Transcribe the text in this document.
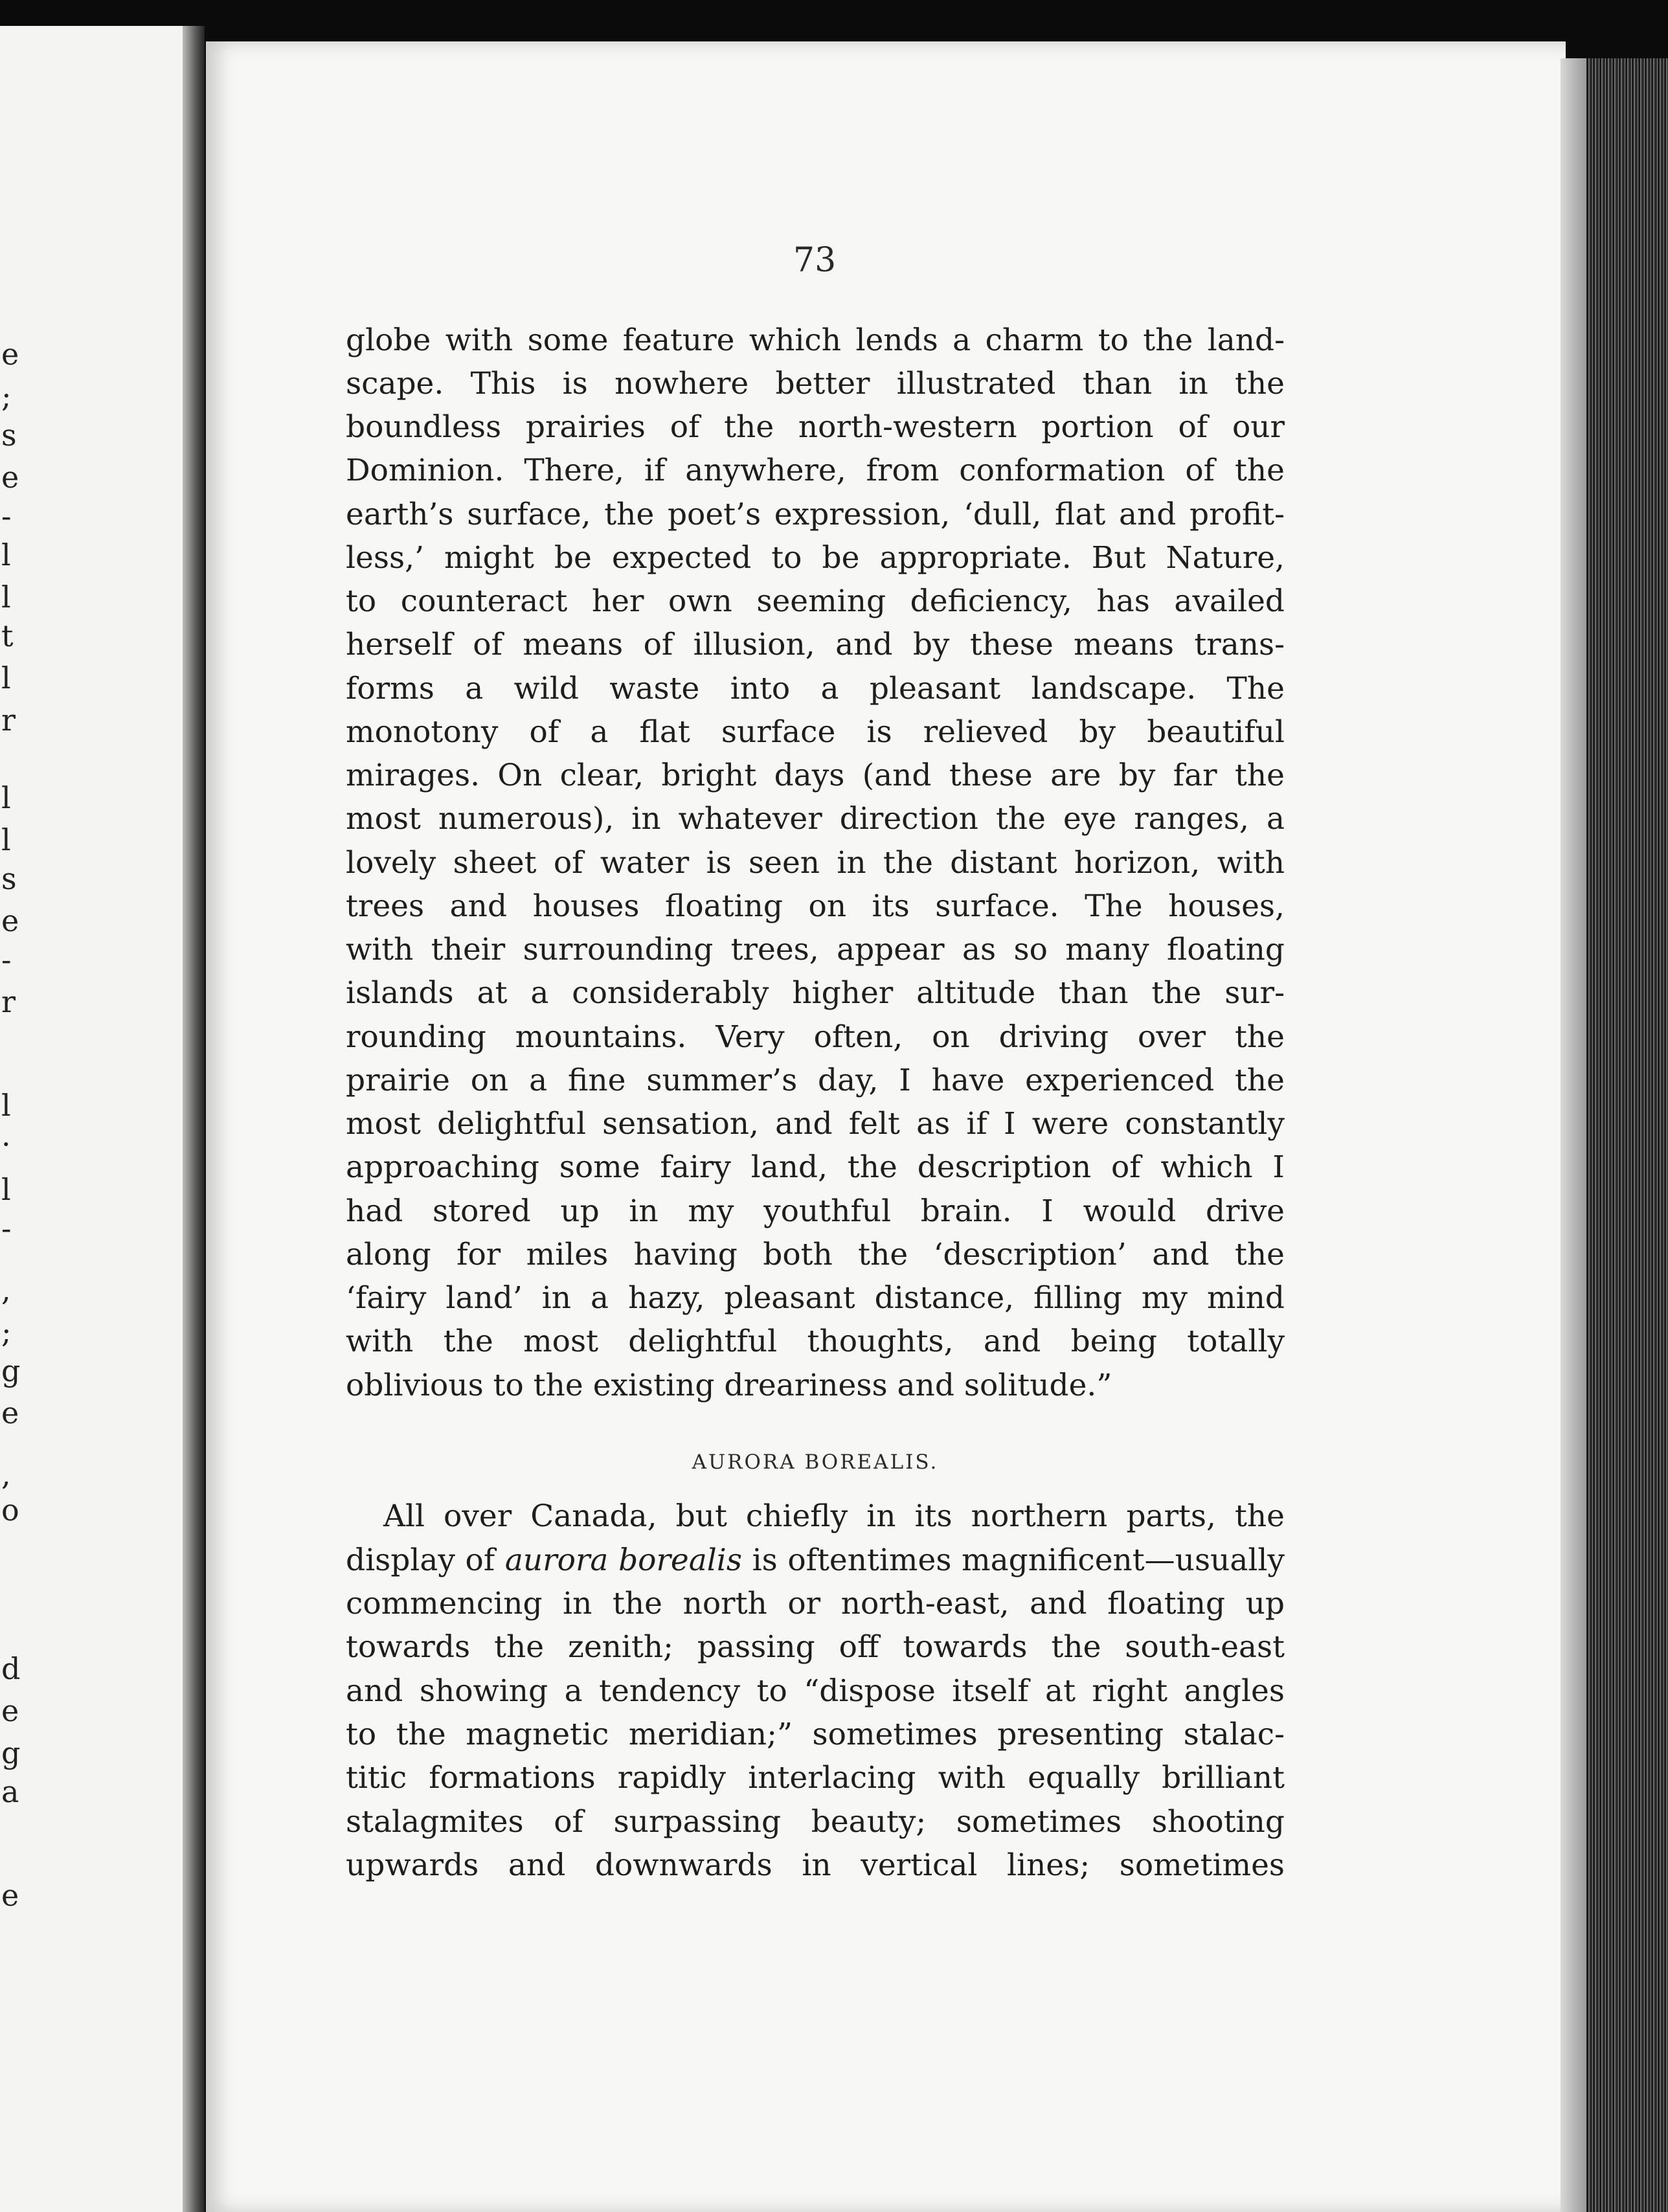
e
;
s
e
-
l
l
t
l
r
l
l
s
e
-
r
l
·
l
-
,
;
g
e
,
o
d
e
g
a
e
73
globe with some feature which lends a charm to the land-
scape. This is nowhere better illustrated than in the
boundless prairies of the north-western portion of our
Dominion. There, if anywhere, from conformation of the
earth’s surface, the poet’s expression, ‘dull, flat and profit-
less,’ might be expected to be appropriate. But Nature,
to counteract her own seeming deficiency, has availed
herself of means of illusion, and by these means trans-
forms a wild waste into a pleasant landscape. The
monotony of a flat surface is relieved by beautiful
mirages. On clear, bright days (and these are by far the
most numerous), in whatever direction the eye ranges, a
lovely sheet of water is seen in the distant horizon, with
trees and houses floating on its surface. The houses,
with their surrounding trees, appear as so many floating
islands at a considerably higher altitude than the sur-
rounding mountains. Very often, on driving over the
prairie on a fine summer’s day, I have experienced the
most delightful sensation, and felt as if I were constantly
approaching some fairy land, the description of which I
had stored up in my youthful brain. I would drive
along for miles having both the ‘description’ and the
‘fairy land’ in a hazy, pleasant distance, filling my mind
with the most delightful thoughts, and being totally
oblivious to the existing dreariness and solitude.”
AURORA BOREALIS.
All over Canada, but chiefly in its northern parts, the
display of aurora borealis is oftentimes magnificent—usually
commencing in the north or north-east, and floating up
towards the zenith; passing off towards the south-east
and showing a tendency to “dispose itself at right angles
to the magnetic meridian;” sometimes presenting stalac-
titic formations rapidly interlacing with equally brilliant
stalagmites of surpassing beauty; sometimes shooting
upwards and downwards in vertical lines; sometimes
